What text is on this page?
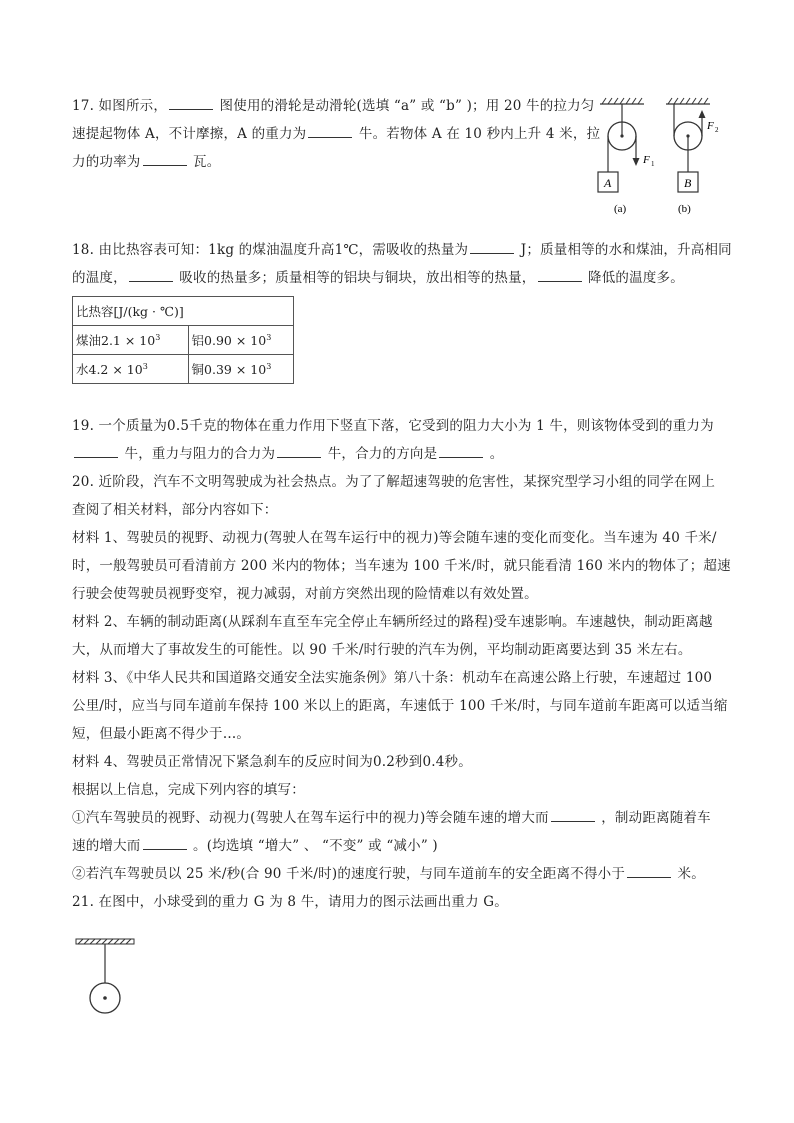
17. 如图所示，	图使用的滑轮是动滑轮(选填 “a” 或 “b” )；用 20 牛的拉力匀
速提起物体 A，不计摩擦，A 的重力为	牛。若物体 A 在 10 秒内上升 4 米，拉
力的功率为	瓦。
A
F 1
(a)
B
F 2
(b)
18. 由比热容表可知：1kg 的煤油温度升高1℃，需吸收的热量为	J；质量相等的水和煤油，升高相同
的温度，	吸收的热量多；质量相等的铝块与铜块，放出相等的热量，	降低的温度多。
比热容[J/(kg · ℃)]	
煤油$2.1 \times 10^3$	铝$0.90 \times 10^3$
水$4.2 \times 10^3$	铜$0.39 \times 10^3$
19. 一个质量为0.5千克的物体在重力作用下竖直下落，它受到的阻力大小为 1 牛，则该物体受到的重力为
牛，重力与阻力的合力为	牛，合力的方向是	。
20. 近阶段，汽车不文明驾驶成为社会热点。为了了解超速驾驶的危害性，某探究型学习小组的同学在网上
查阅了相关材料，部分内容如下：
材料 1、驾驶员的视野、动视力(驾驶人在驾车运行中的视力)等会随车速的变化而变化。当车速为 40 千米/
时，一般驾驶员可看清前方 200 米内的物体；当车速为 100 千米/时，就只能看清 160 米内的物体了；超速
行驶会使驾驶员视野变窄，视力减弱，对前方突然出现的险情难以有效处置。
材料 2、车辆的制动距离(从踩刹车直至车完全停止车辆所经过的路程)受车速影响。车速越快，制动距离越
大，从而增大了事故发生的可能性。以 90 千米/时行驶的汽车为例，平均制动距离要达到 35 米左右。
材料 3、《中华人民共和国道路交通安全法实施条例》第八十条：机动车在高速公路上行驶，车速超过 100
公里/时，应当与同车道前车保持 100 米以上的距离，车速低于 100 千米/时，与同车道前车距离可以适当缩
短，但最小距离不得少于…。
材料 4、驾驶员正常情况下紧急刹车的反应时间为0.2秒到0.4秒。
根据以上信息，完成下列内容的填写：
①汽车驾驶员的视野、动视力(驾驶人在驾车运行中的视力)等会随车速的增大而	，制动距离随着车
速的增大而	。(均选填 “增大” 、 “不变” 或 “减小” )
②若汽车驾驶员以 25 米/秒(合 90 千米/时)的速度行驶，与同车道前车的安全距离不得小于	米。
21. 在图中，小球受到的重力 G 为 8 牛，请用力的图示法画出重力 G。
